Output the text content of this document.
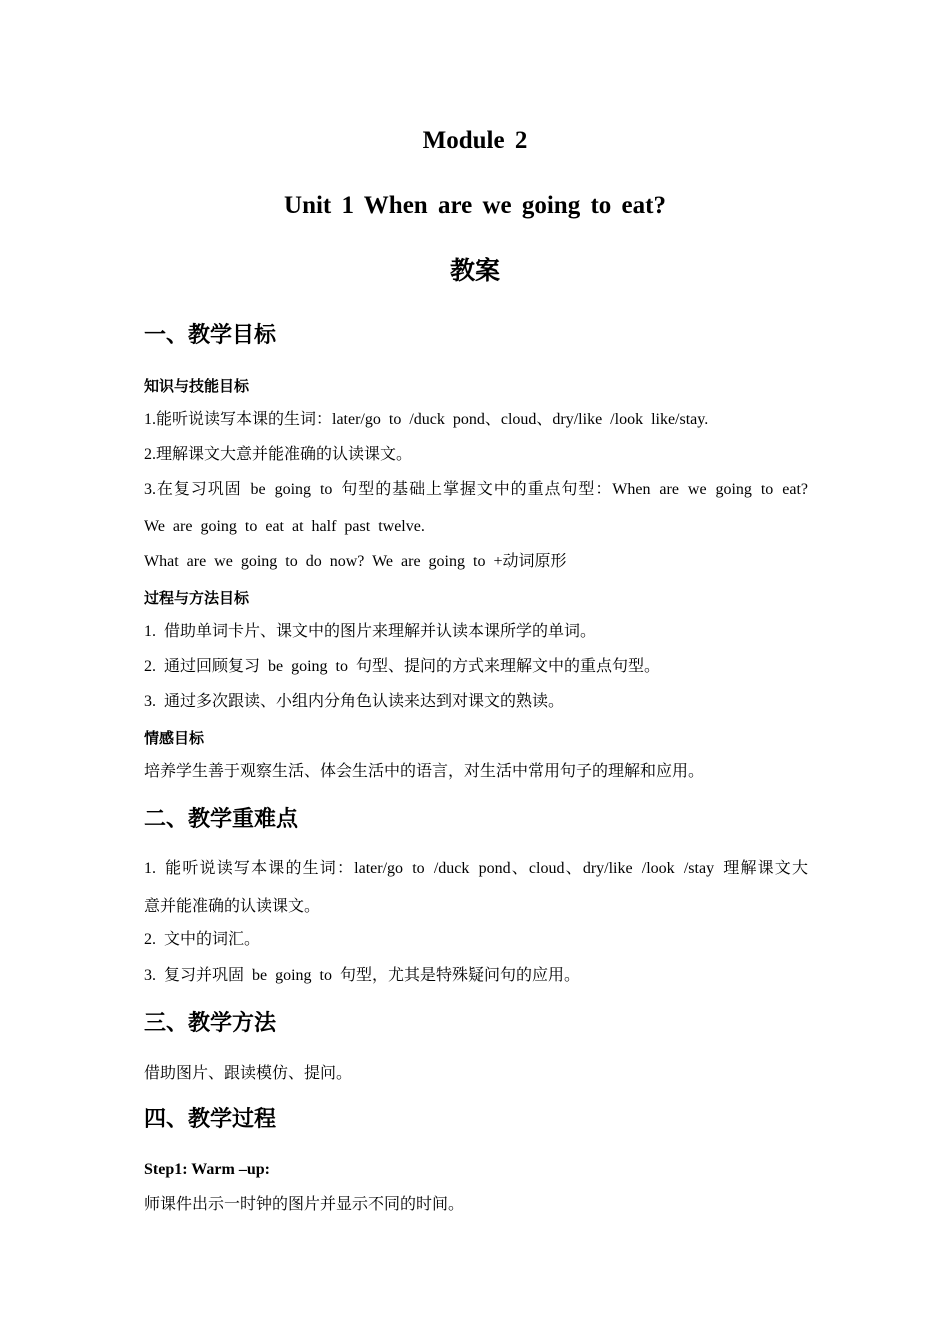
Module 2
Unit 1 When are we going to eat?
教案
一、教学目标
知识与技能目标
1.能听说读写本课的生词：later/go to /duck pond、cloud、dry/like /look like/stay.
2.理解课文大意并能准确的认读课文。
3.在复习巩固 be going to 句型的基础上掌握文中的重点句型：When are we going to eat?
We are going to eat at half past twelve.
What are we going to do now? We are going to +动词原形
过程与方法目标
1. 借助单词卡片、课文中的图片来理解并认读本课所学的单词。
2. 通过回顾复习 be going to 句型、提问的方式来理解文中的重点句型。
3. 通过多次跟读、小组内分角色认读来达到对课文的熟读。
情感目标
培养学生善于观察生活、体会生活中的语言，对生活中常用句子的理解和应用。
二、教学重难点
1. 能听说读写本课的生词：later/go to /duck pond、cloud、dry/like /look /stay 理解课文大
意并能准确的认读课文。
2. 文中的词汇。
3. 复习并巩固 be going to 句型，尤其是特殊疑问句的应用。
三、教学方法
借助图片、跟读模仿、提问。
四、教学过程
Step1: Warm –up:
师课件出示一时钟的图片并显示不同的时间。
